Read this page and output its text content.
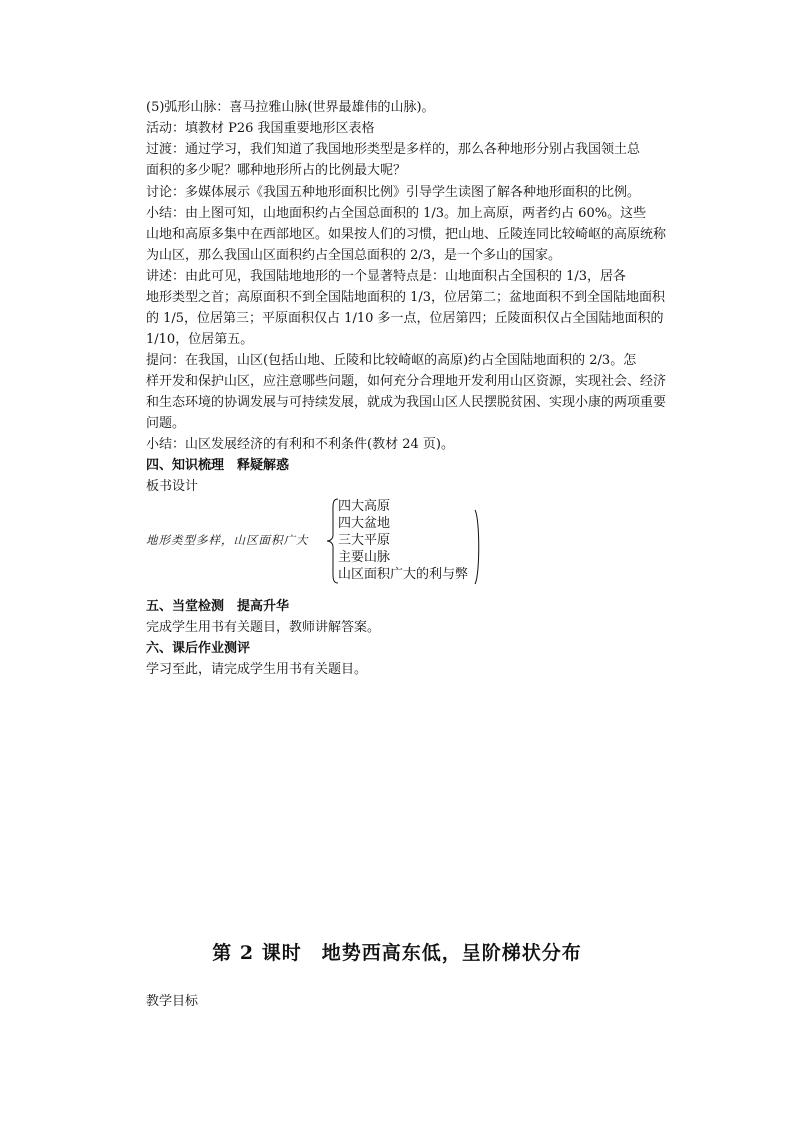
(5)弧形山脉：喜马拉雅山脉(世界最雄伟的山脉)。
活动：填教材 P26 我国重要地形区表格
过渡：通过学习，我们知道了我国地形类型是多样的，那么各种地形分别占我国领土总
面积的多少呢？哪种地形所占的比例最大呢？
讨论：多媒体展示《我国五种地形面积比例》引导学生读图了解各种地形面积的比例。
小结：由上图可知，山地面积约占全国总面积的 1/3。加上高原，两者约占 60%。这些
山地和高原多集中在西部地区。如果按人们的习惯，把山地、丘陵连同比较崎岖的高原统称
为山区，那么我国山区面积约占全国总面积的 2/3，是一个多山的国家。
讲述：由此可见，我国陆地地形的一个显著特点是：山地面积占全国积的 1/3，居各
地形类型之首；高原面积不到全国陆地面积的 1/3，位居第二；盆地面积不到全国陆地面积
的 1/5，位居第三；平原面积仅占 1/10 多一点，位居第四；丘陵面积仅占全国陆地面积的
1/10，位居第五。
提问：在我国，山区(包括山地、丘陵和比较崎岖的高原)约占全国陆地面积的 2/3。怎
样开发和保护山区，应注意哪些问题，如何充分合理地开发利用山区资源，实现社会、经济
和生态环境的协调发展与可持续发展，就成为我国山区人民摆脱贫困、实现小康的两项重要
问题。
小结：山区发展经济的有利和不利条件(教材 24 页)。
四、知识梳理　释疑解惑
板书设计
地形类型多样，山区面积广大
四大高原
四大盆地
三大平原
主要山脉
山区面积广大的利与弊
五、当堂检测　提高升华
完成学生用书有关题目，教师讲解答案。
六、课后作业测评
学习至此，请完成学生用书有关题目。
第 2 课时　地势西高东低，呈阶梯状分布
教学目标
